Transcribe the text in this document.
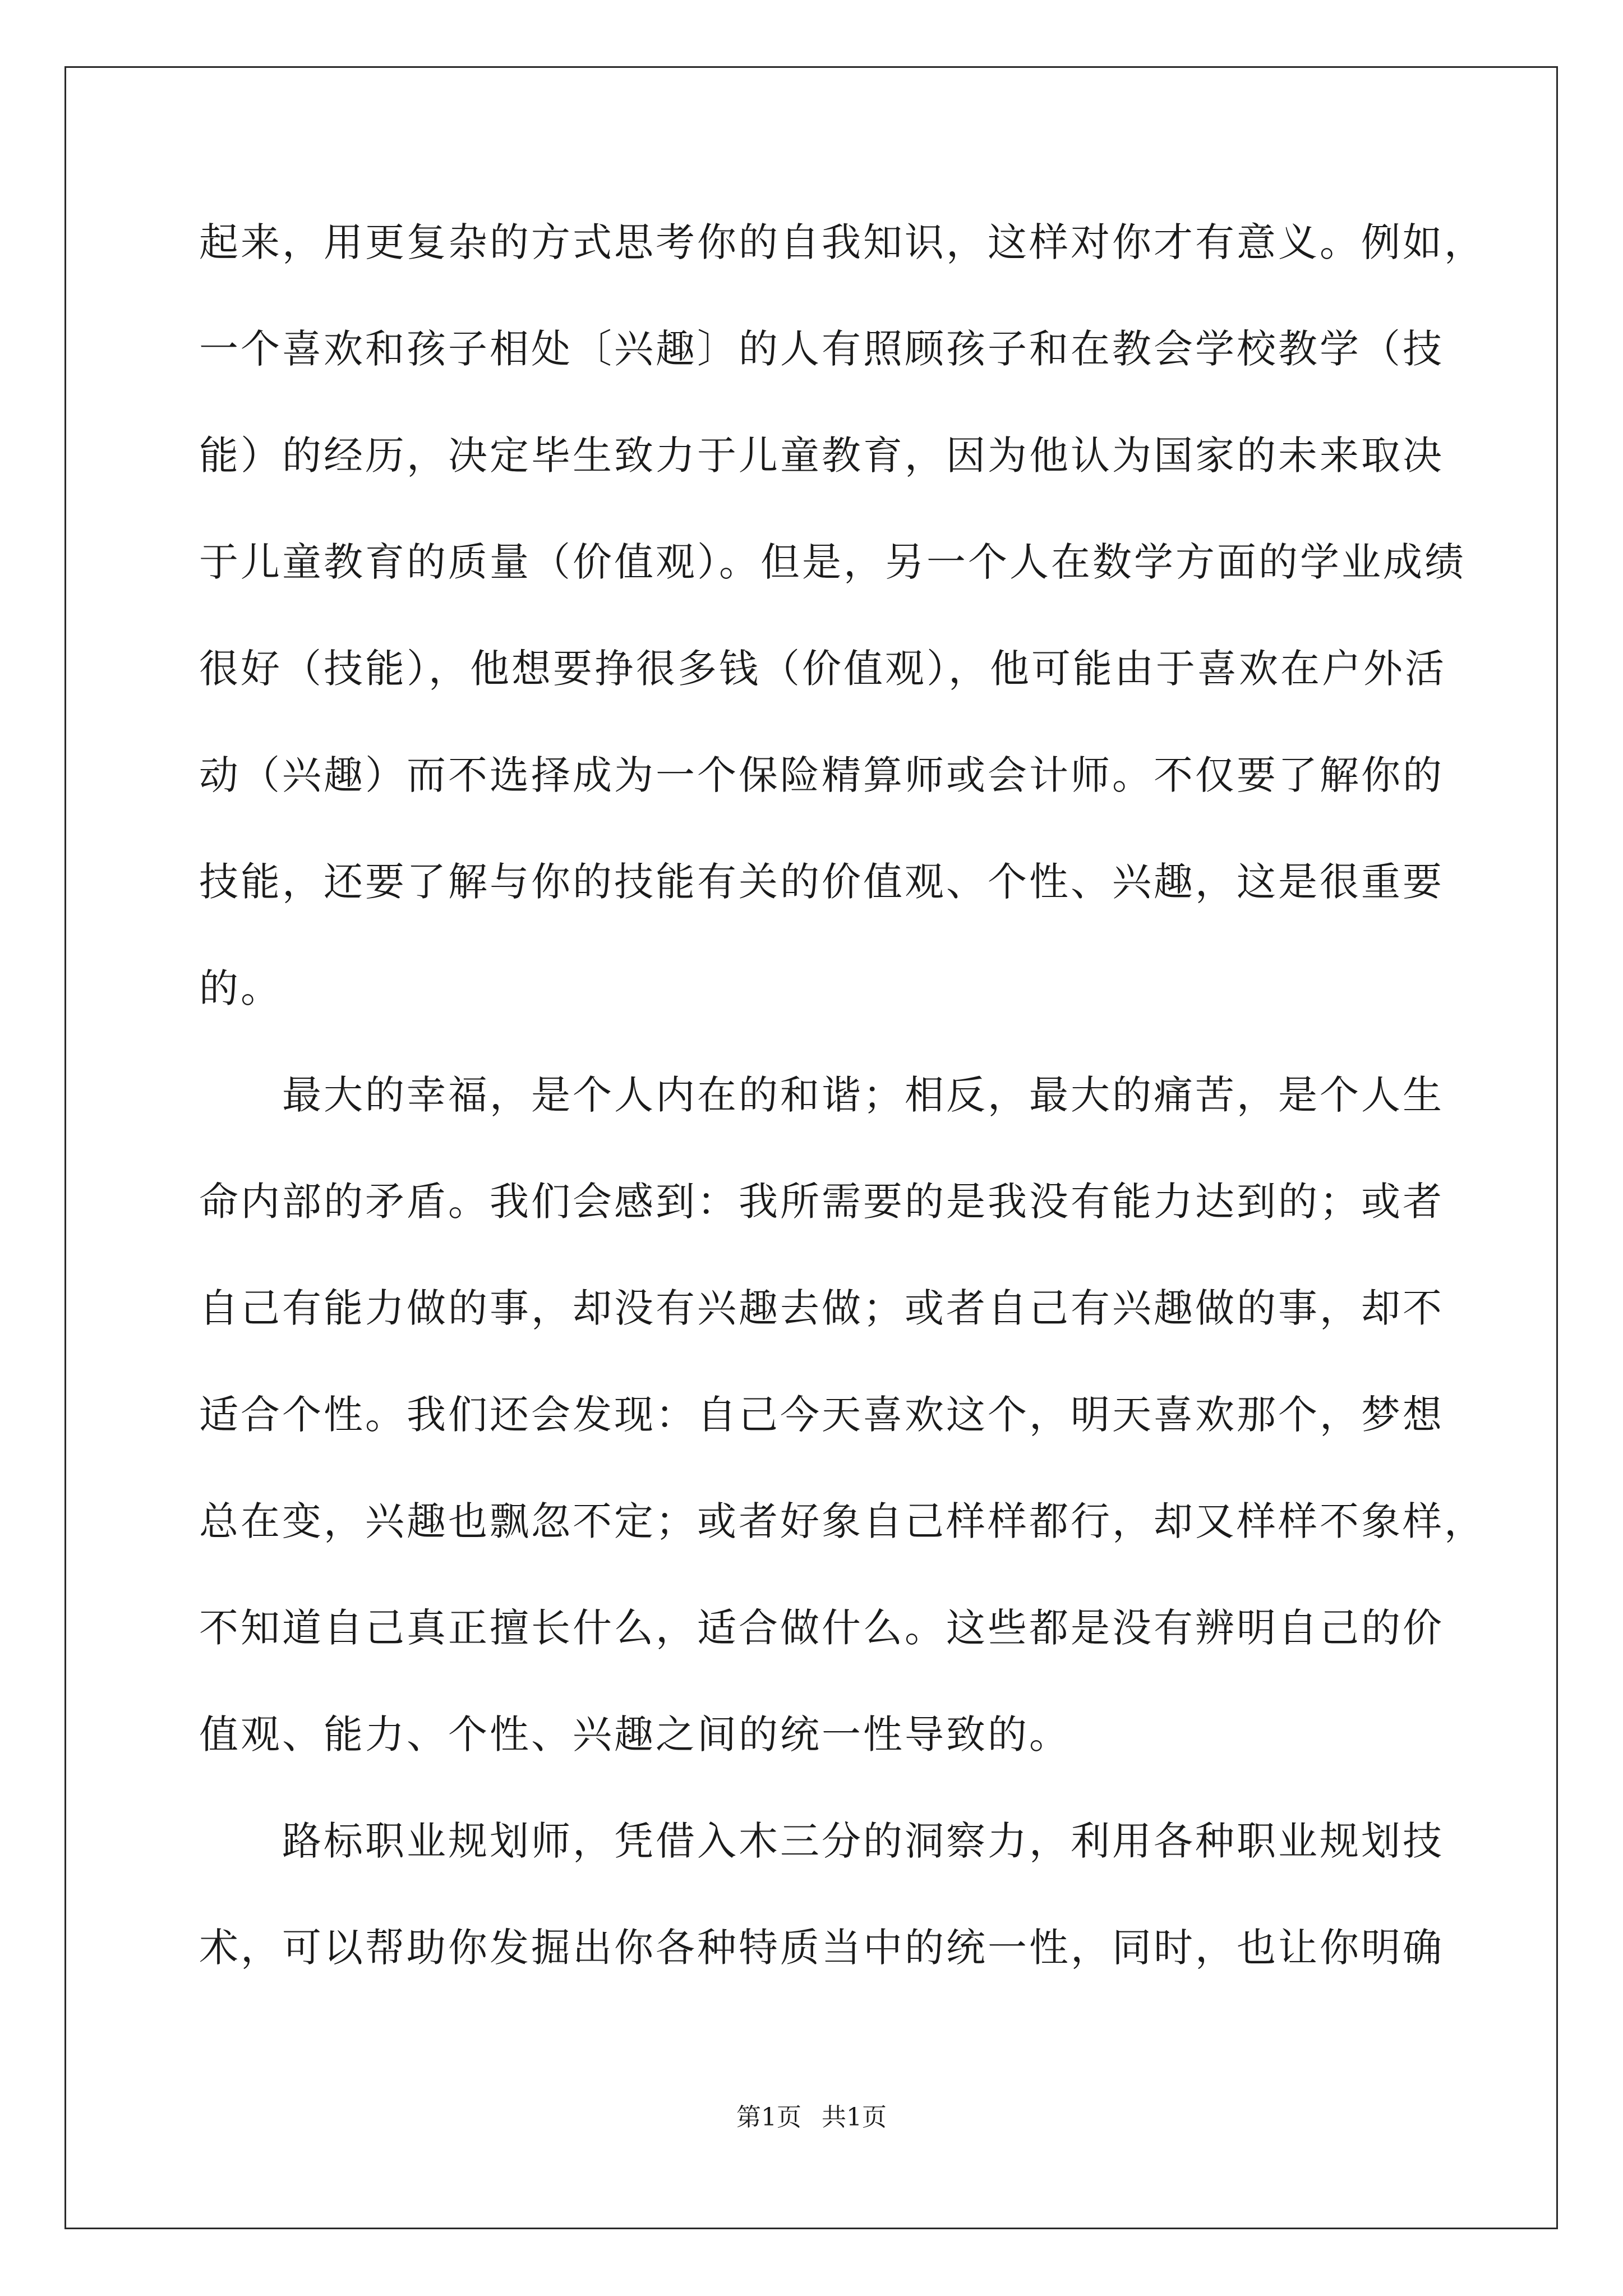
起来，用更复杂的方式思考你的自我知识，这样对你才有意义。例如，
一个喜欢和孩子相处〔兴趣〕的人有照顾孩子和在教会学校教学（技
能）的经历，决定毕生致力于儿童教育，因为他认为国家的未来取决
于儿童教育的质量（价值观）。但是，另一个人在数学方面的学业成绩
很好（技能），他想要挣很多钱（价值观），他可能由于喜欢在户外活
动（兴趣）而不选择成为一个保险精算师或会计师。不仅要了解你的
技能，还要了解与你的技能有关的价值观、个性、兴趣，这是很重要
的。
　　最大的幸福，是个人内在的和谐；相反，最大的痛苦，是个人生
命内部的矛盾。我们会感到：我所需要的是我没有能力达到的；或者
自己有能力做的事，却没有兴趣去做；或者自己有兴趣做的事，却不
适合个性。我们还会发现：自己今天喜欢这个，明天喜欢那个，梦想
总在变，兴趣也飘忽不定；或者好象自己样样都行，却又样样不象样，
不知道自己真正擅长什么，适合做什么。这些都是没有辨明自己的价
值观、能力、个性、兴趣之间的统一性导致的。
　　路标职业规划师，凭借入木三分的洞察力，利用各种职业规划技
术，可以帮助你发掘出你各种特质当中的统一性，同时，也让你明确
第1页 共1页
